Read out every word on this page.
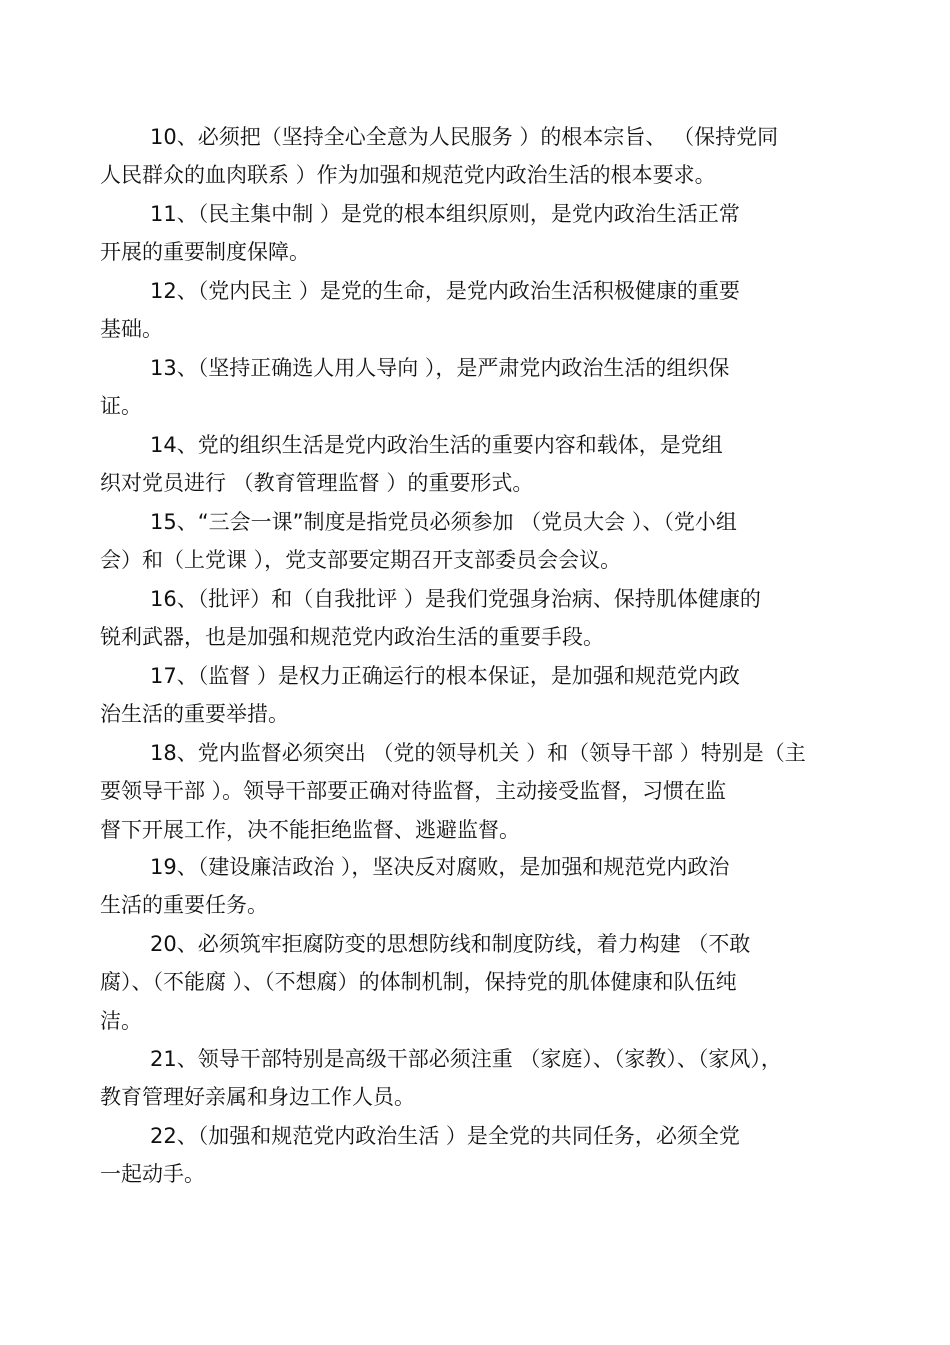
10、必须把（坚持全心全意为人民服务 ）的根本宗旨、 （保持党同
人民群众的血肉联系 ）作为加强和规范党内政治生活的根本要求。
11、（民主集中制 ）是党的根本组织原则，是党内政治生活正常
开展的重要制度保障。
12、（党内民主 ）是党的生命，是党内政治生活积极健康的重要
基础。
13、（坚持正确选人用人导向 ），是严肃党内政治生活的组织保
证。
14、党的组织生活是党内政治生活的重要内容和载体，是党组
织对党员进行 （教育管理监督 ）的重要形式。
15、“三会一课”制度是指党员必须参加 （党员大会 ）、（党小组
会）和（上党课 ），党支部要定期召开支部委员会会议。
16、（批评）和（自我批评 ）是我们党强身治病、保持肌体健康的
锐利武器，也是加强和规范党内政治生活的重要手段。
17、（监督 ）是权力正确运行的根本保证，是加强和规范党内政
治生活的重要举措。
18、党内监督必须突出 （党的领导机关 ）和（领导干部 ）特别是（主
要领导干部 ）。领导干部要正确对待监督，主动接受监督，习惯在监
督下开展工作，决不能拒绝监督、逃避监督。
19、（建设廉洁政治 ），坚决反对腐败，是加强和规范党内政治
生活的重要任务。
20、必须筑牢拒腐防变的思想防线和制度防线，着力构建 （不敢
腐）、（不能腐 ）、（不想腐）的体制机制，保持党的肌体健康和队伍纯
洁。
21、领导干部特别是高级干部必须注重 （家庭）、（家教）、（家风），
教育管理好亲属和身边工作人员。
22、（加强和规范党内政治生活 ）是全党的共同任务，必须全党
一起动手。
